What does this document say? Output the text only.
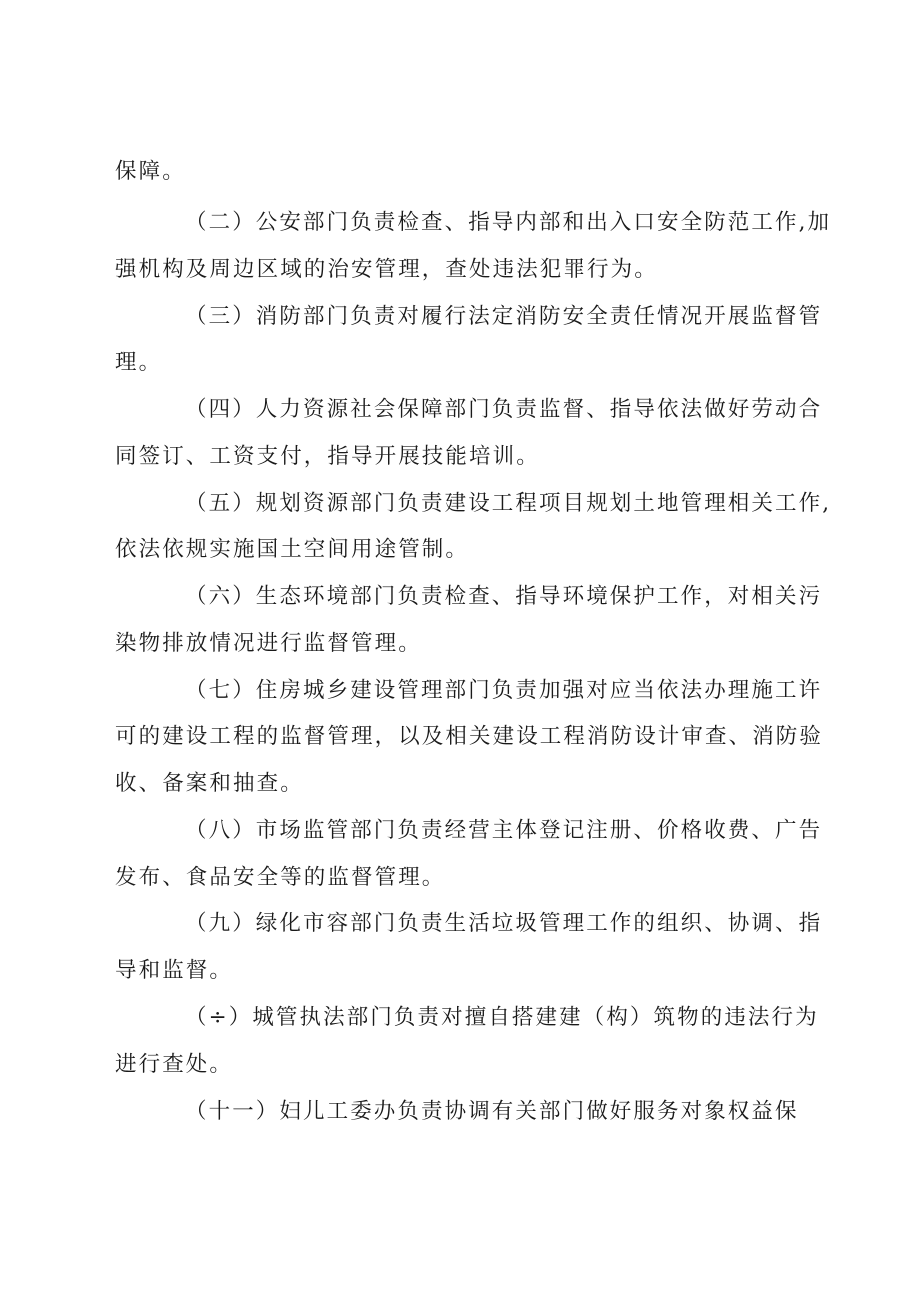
保障。
（二）公安部门负责检查、指导内部和出入口安全防范工作,加
强机构及周边区域的治安管理，查处违法犯罪行为。
（三）消防部门负责对履行法定消防安全责任情况开展监督管
理。
（四）人力资源社会保障部门负责监督、指导依法做好劳动合
同签订、工资支付，指导开展技能培训。
（五）规划资源部门负责建设工程项目规划土地管理相关工作,
依法依规实施国土空间用途管制。
（六）生态环境部门负责检查、指导环境保护工作，对相关污
染物排放情况进行监督管理。
（七）住房城乡建设管理部门负责加强对应当依法办理施工许
可的建设工程的监督管理，以及相关建设工程消防设计审查、消防验
收、备案和抽查。
（八）市场监管部门负责经营主体登记注册、价格收费、广告
发布、食品安全等的监督管理。
（九）绿化市容部门负责生活垃圾管理工作的组织、协调、指
导和监督。
（÷）城管执法部门负责对擅自搭建建（构）筑物的违法行为
进行查处。
（十一）妇儿工委办负责协调有关部门做好服务对象权益保
